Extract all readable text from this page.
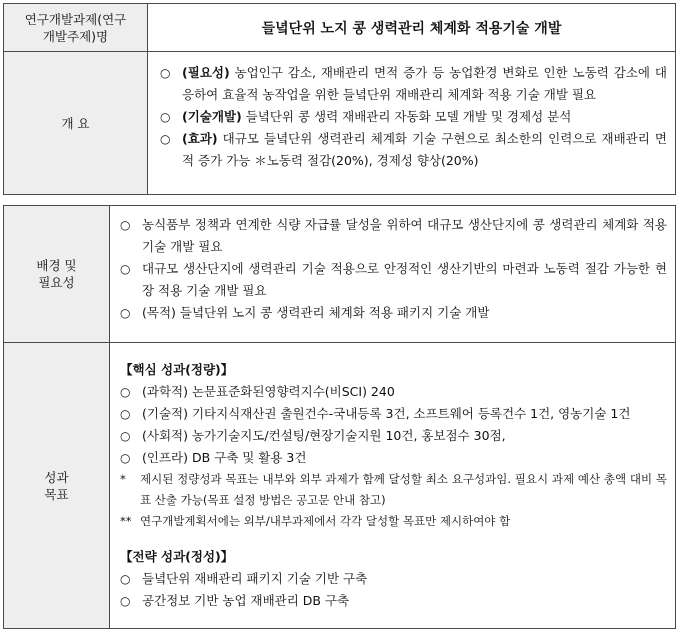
연구개발과제(연구
개발주제)명	들녘단위 노지 콩 생력관리 체계화 적용기술 개발
개 요
○ (필요성) 농업인구 감소, 재배관리 면적 증가 등 농업환경 변화로 인한 노동력 감소에 대응하여 효율적 농작업을 위한 들녘단위 재배관리 체계화 적용 기술 개발 필요
○ (기술개발) 들녘단위 콩 생력 재배관리 자동화 모델 개발 및 경제성 분석
○ (효과) 대규모 들녘단위 생력관리 체계화 기술 구현으로 최소한의 인력으로 재배관리 면적 증가 가능 ＊노동력 절감(20%), 경제성 향상(20%)
배경 및
필요성
○ 농식품부 정책과 연계한 식량 자급률 달성을 위하여 대규모 생산단지에 콩 생력관리 체계화 적용 기술 개발 필요
○ 대규모 생산단지에 생력관리 기술 적용으로 안정적인 생산기반의 마련과 노동력 절감 가능한 현장 적용 기술 개발 필요
○ (목적) 들녘단위 노지 콩 생력관리 체계화 적용 패키지 기술 개발
성과
목표
【핵심 성과(정량)】
○ (과학적) 논문표준화된영향력지수(비SCI) 240
○ (기술적) 기타지식재산권 출원건수-국내등록 3건, 소프트웨어 등록건수 1건, 영농기술 1건
○ (사회적) 농가기술지도/컨설팅/현장기술지원 10건, 홍보점수 30점,
○ (인프라) DB 구축 및 활용 3건
*	제시된 정량성과 목표는 내부와 외부 과제가 함께 달성할 최소 요구성과임. 필요시 과제 예산 총액 대비 목표 산출 가능(목표 설정 방법은 공고문 안내 참고)
** 연구개발계획서에는 외부/내부과제에서 각각 달성할 목표만 제시하여야 함
【전략 성과(정성)】
○ 들녘단위 재배관리 패키지 기술 기반 구축
○ 공간정보 기반 농업 재배관리 DB 구축
